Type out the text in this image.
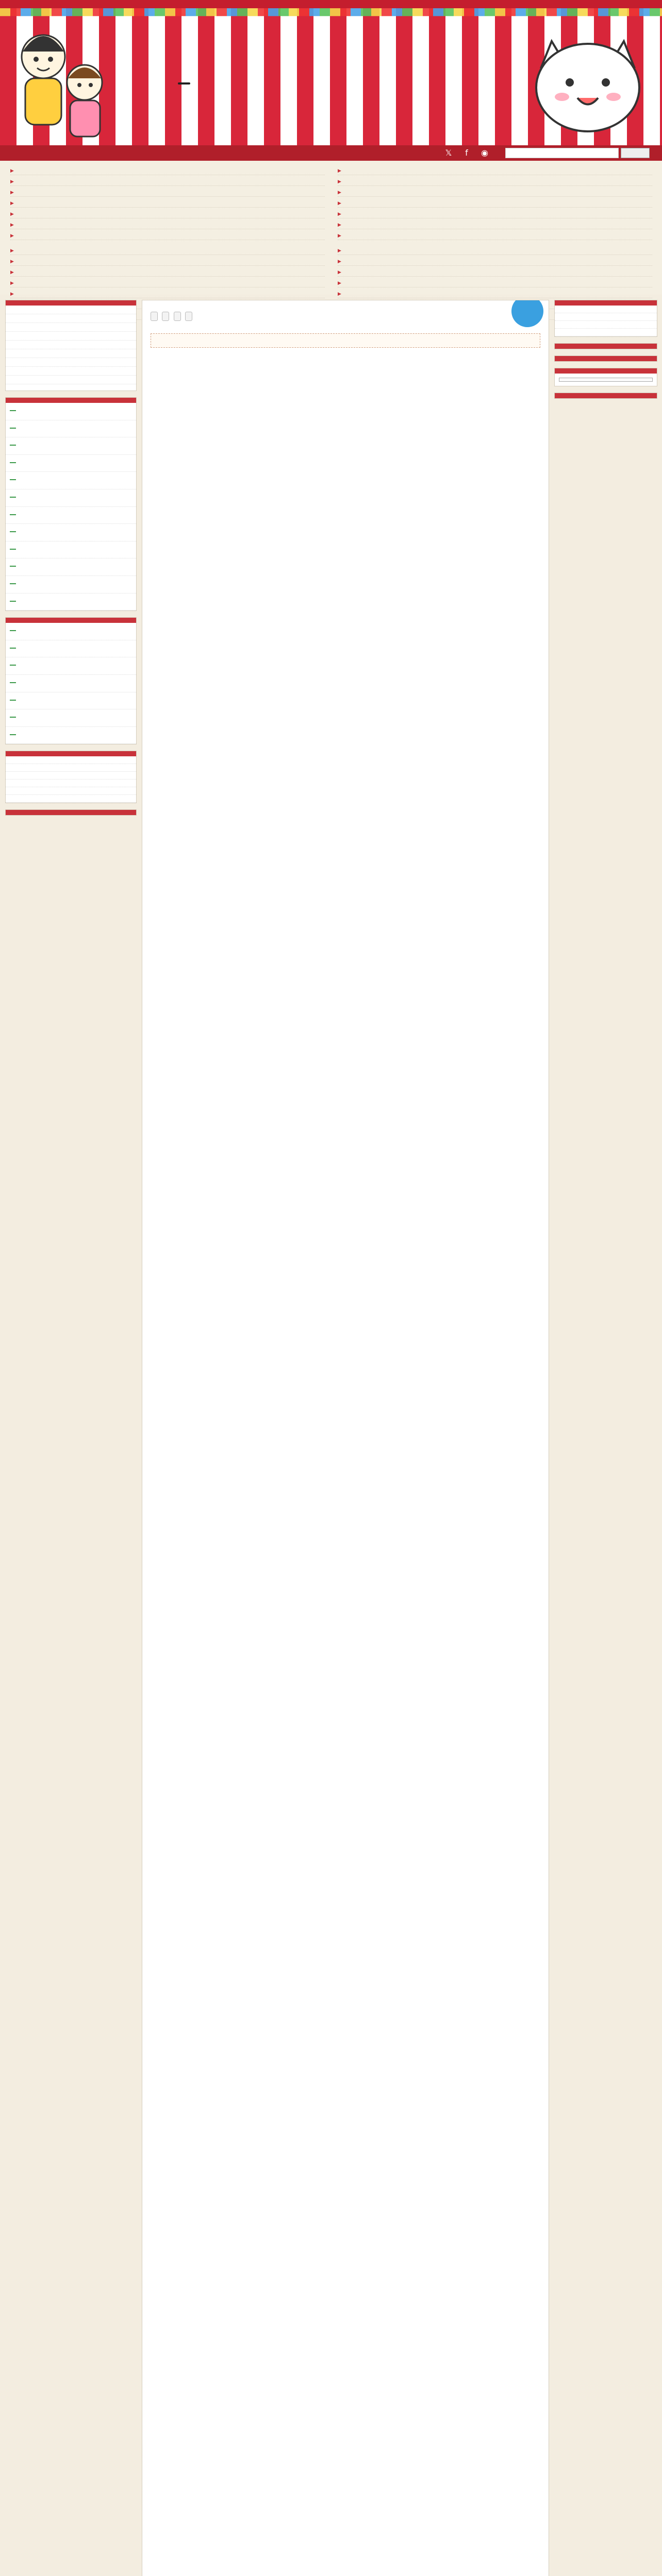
𝕏	f	◉
▶
▶
▶
▶
▶
▶
▶
▶
▶
▶
▶
▶
▶
▶
▶
▶
▶
▶
▶
▶
▶
▶
▶
▶
▶
▶
▶
▶
